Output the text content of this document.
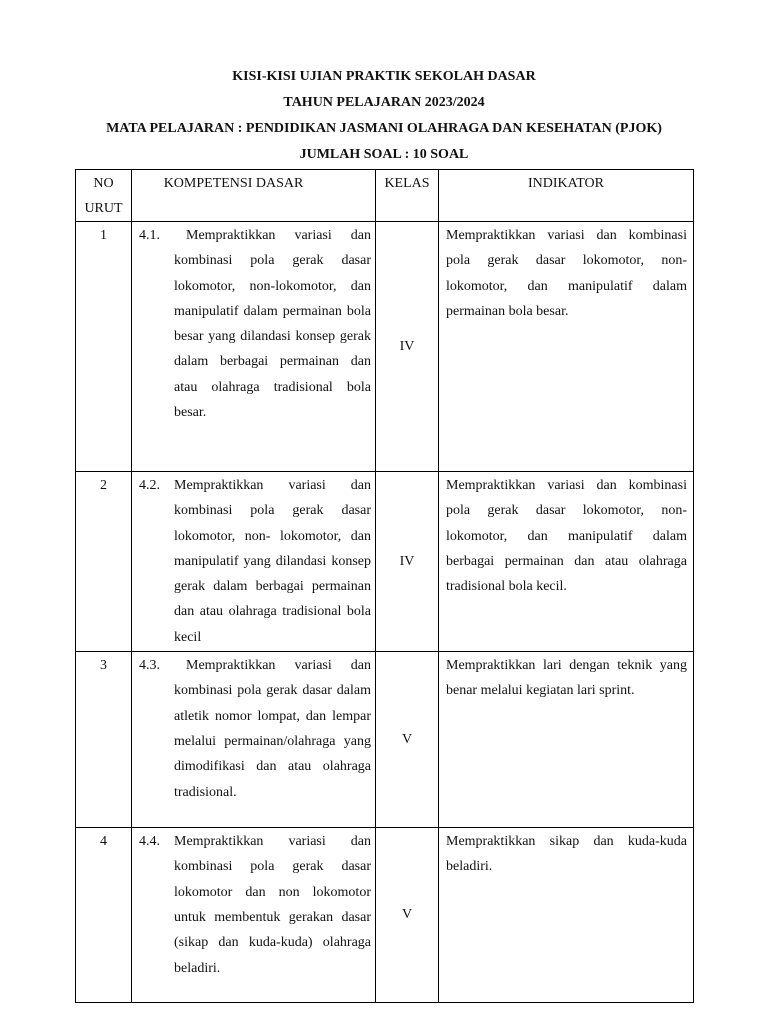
KISI-KISI UJIAN PRAKTIK SEKOLAH DASAR
TAHUN PELAJARAN 2023/2024
MATA PELAJARAN : PENDIDIKAN JASMANI OLAHRAGA DAN KESEHATAN (PJOK)
JUMLAH SOAL : 10 SOAL
NO
URUT	KOMPETENSI DASAR	KELAS	INDIKATOR
1	4.1. Mempraktikkan variasi dan kombinasi pola gerak dasar lokomotor, non-lokomotor, dan manipulatif dalam permainan bola besar yang dilandasi konsep gerak dalam berbagai permainan dan atau olahraga tradisional bola besar.	IV	Mempraktikkan variasi dan kombinasi pola gerak dasar lokomotor, non-lokomotor, dan manipulatif dalam permainan bola besar.
2	4.2. Mempraktikkan variasi dan kombinasi pola gerak dasar lokomotor, non- lokomotor, dan manipulatif yang dilandasi konsep gerak dalam berbagai permainan dan atau olahraga tradisional bola kecil	IV	Mempraktikkan variasi dan kombinasi pola gerak dasar lokomotor, non-lokomotor, dan manipulatif dalam berbagai permainan dan atau olahraga tradisional bola kecil.
3	4.3. Mempraktikkan variasi dan kombinasi pola gerak dasar dalam atletik nomor lompat, dan lempar melalui permainan/olahraga yang dimodifikasi dan atau olahraga tradisional.	V	Mempraktikkan lari dengan teknik yang benar melalui kegiatan lari sprint.
4	4.4. Mempraktikkan variasi dan kombinasi pola gerak dasar lokomotor dan non lokomotor untuk membentuk gerakan dasar (sikap dan kuda-kuda) olahraga beladiri.	V	Mempraktikkan sikap dan kuda-kuda beladiri.
